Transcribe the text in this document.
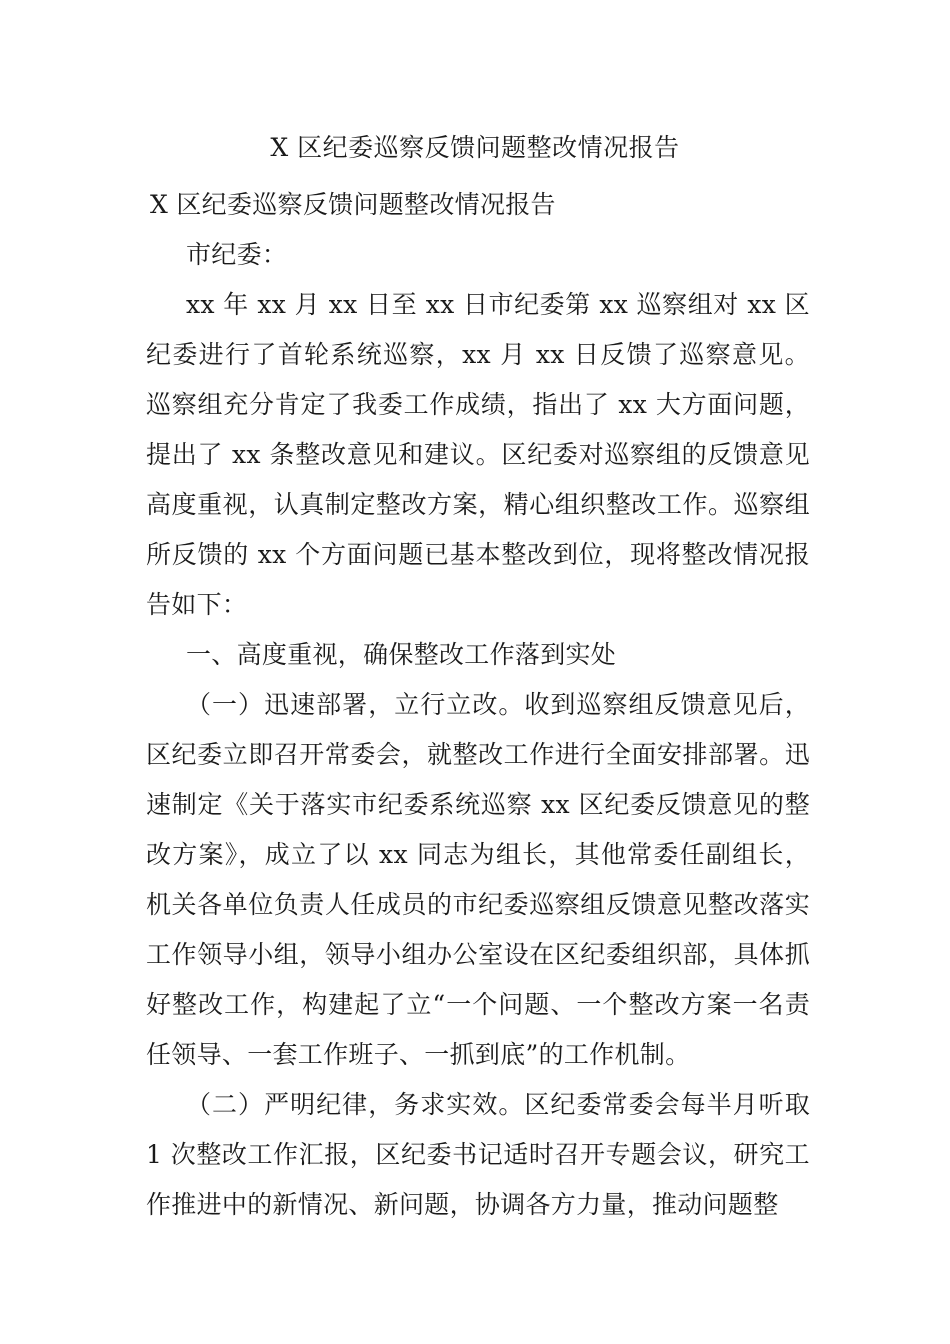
X 区纪委巡察反馈问题整改情况报告

X 区纪委巡察反馈问题整改情况报告

市纪委：

xx 年 xx 月 xx 日至 xx 日市纪委第 xx 巡察组对 xx 区纪委进行了首轮系统巡察，xx 月 xx 日反馈了巡察意见。巡察组充分肯定了我委工作成绩，指出了 xx 大方面问题，提出了 xx 条整改意见和建议。区纪委对巡察组的反馈意见高度重视，认真制定整改方案，精心组织整改工作。巡察组所反馈的 xx 个方面问题已基本整改到位，现将整改情况报告如下：

一、高度重视，确保整改工作落到实处

（一）迅速部署，立行立改。收到巡察组反馈意见后，区纪委立即召开常委会，就整改工作进行全面安排部署。迅速制定《关于落实市纪委系统巡察 xx 区纪委反馈意见的整改方案》，成立了以 xx 同志为组长，其他常委任副组长，机关各单位负责人任成员的市纪委巡察组反馈意见整改落实工作领导小组，领导小组办公室设在区纪委组织部，具体抓好整改工作，构建起了立“一个问题、一个整改方案一名责任领导、一套工作班子、一抓到底”的工作机制。

（二）严明纪律，务求实效。区纪委常委会每半月听取 1 次整改工作汇报，区纪委书记适时召开专题会议，研究工作推进中的新情况、新问题，协调各方力量，推动问题整
